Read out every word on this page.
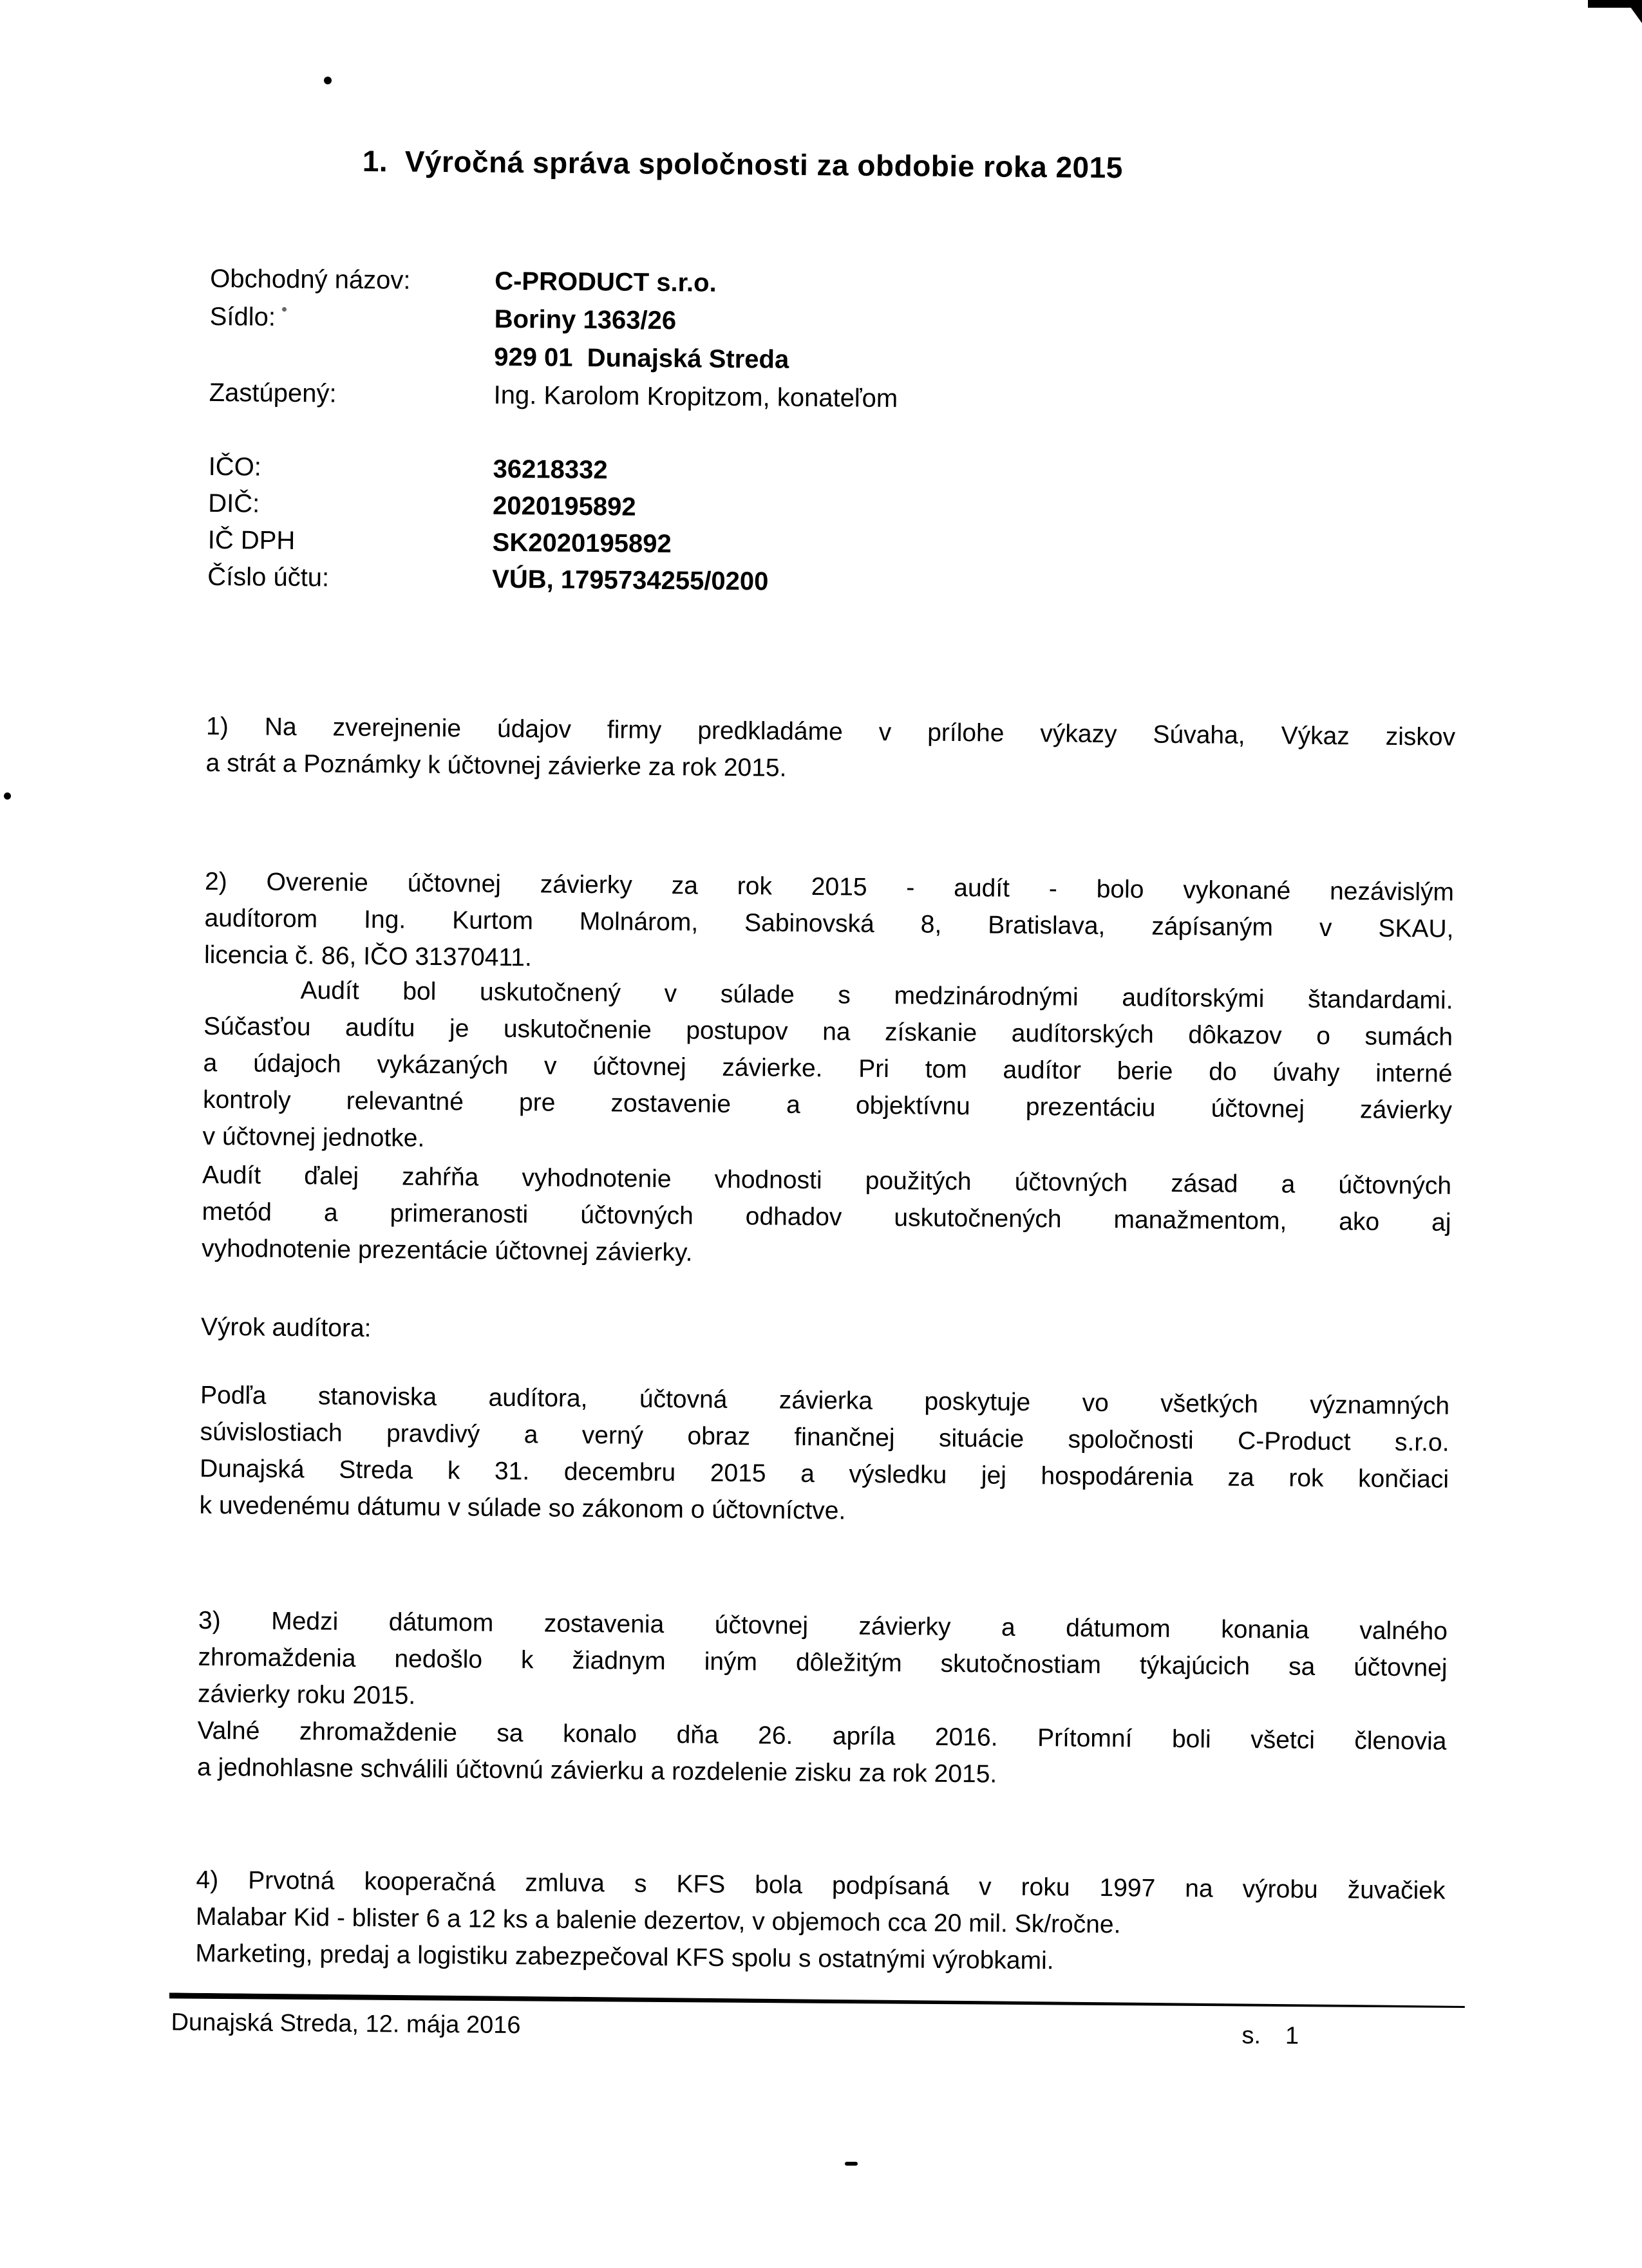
1.  Výročná správa spoločnosti za obdobie roka 2015
Obchodný názov:	C-PRODUCT s.r.o.
Sídlo:	Boriny 1363/26
929 01  Dunajská Streda
Zastúpený:	Ing. Karolom Kropitzom, konateľom
IČO:	36218332
DIČ:	2020195892
IČ DPH	SK2020195892
Číslo účtu:	VÚB, 1795734255/0200
1) Na zverejnenie údajov firmy predkladáme v prílohe výkazy Súvaha, Výkaz ziskov
a strát a Poznámky k účtovnej závierke za rok 2015.
2) Overenie účtovnej závierky za rok 2015 - audít - bolo vykonané nezávislým
audítorom Ing. Kurtom Molnárom, Sabinovská 8, Bratislava, zápísaným v SKAU,
licencia č. 86, IČO 31370411.
Audít bol uskutočnený v súlade s medzinárodnými audítorskými štandardami.
Súčasťou audítu je uskutočnenie postupov na získanie audítorských dôkazov o sumách
a údajoch vykázaných v účtovnej závierke. Pri tom audítor berie do úvahy interné
kontroly relevantné pre zostavenie a objektívnu prezentáciu účtovnej závierky
v účtovnej jednotke.
Audít ďalej zahŕňa vyhodnotenie vhodnosti použitých účtovných zásad a účtovných
metód a primeranosti účtovných odhadov uskutočnených manažmentom, ako aj
vyhodnotenie prezentácie účtovnej závierky.
Výrok audítora:
Podľa stanoviska audítora, účtovná závierka poskytuje vo všetkých významných
súvislostiach pravdivý a verný obraz finančnej situácie spoločnosti C-Product s.r.o.
Dunajská Streda k 31. decembru 2015 a výsledku jej hospodárenia za rok končiaci
k uvedenému dátumu v súlade so zákonom o účtovníctve.
3) Medzi dátumom zostavenia účtovnej závierky a dátumom konania valného
zhromaždenia nedošlo k žiadnym iným dôležitým skutočnostiam týkajúcich sa účtovnej
závierky roku 2015.
Valné zhromaždenie sa konalo dňa 26. apríla 2016. Prítomní boli všetci členovia
a jednohlasne schválili účtovnú závierku a rozdelenie zisku za rok 2015.
4) Prvotná kooperačná zmluva s KFS bola podpísaná v roku 1997 na výrobu žuvačiek
Malabar Kid - blister 6 a 12 ks a balenie dezertov, v objemoch cca 20 mil. Sk/ročne.
Marketing, predaj a logistiku zabezpečoval KFS spolu s ostatnými výrobkami.
Dunajská Streda, 12. mája 2016	s. 1
